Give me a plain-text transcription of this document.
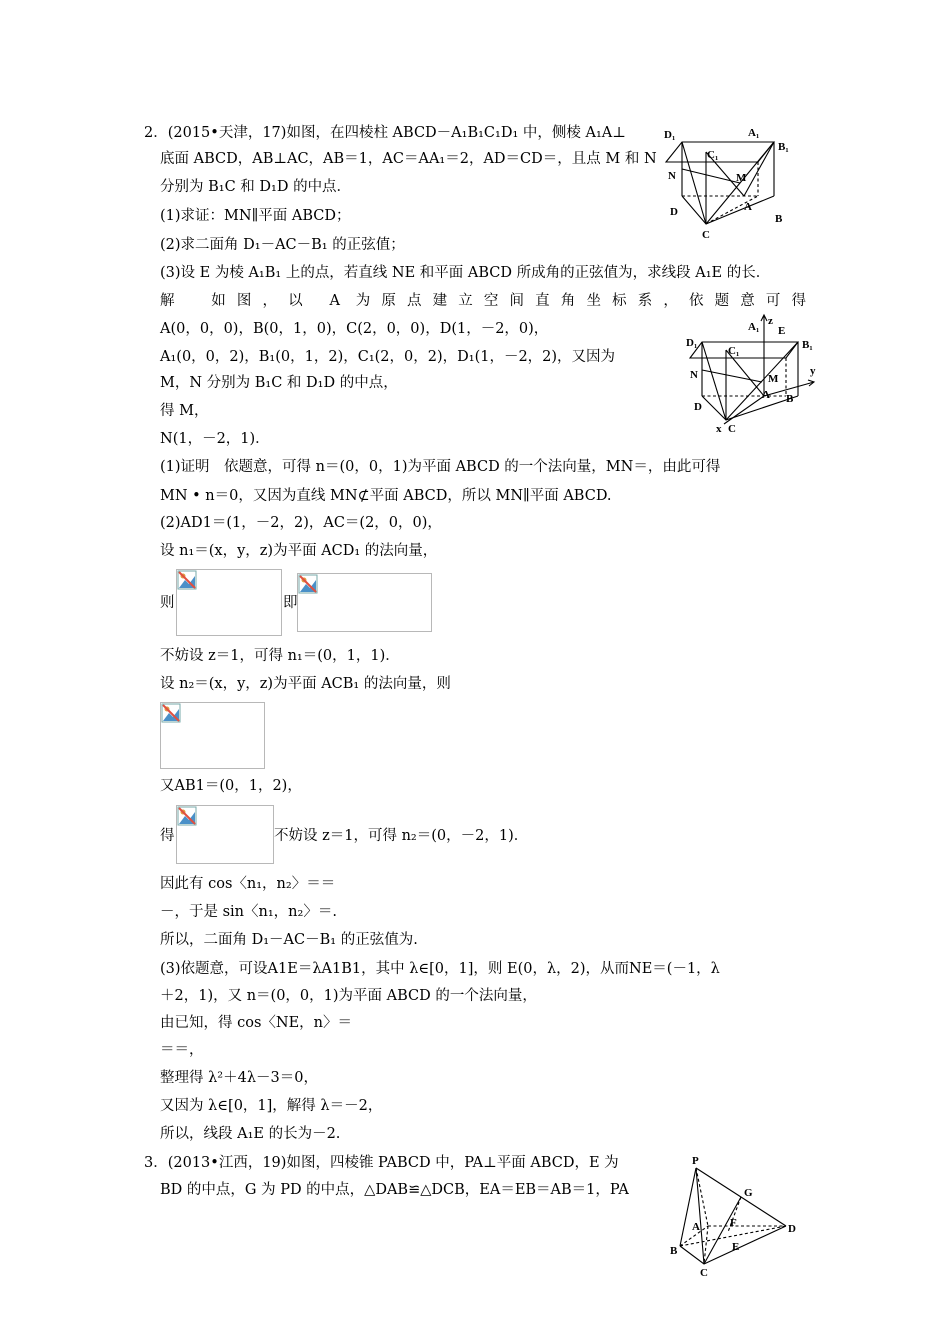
2．(2015•天津，17)如图，在四棱柱 ABCD－A₁B₁C₁D₁ 中，侧棱 A₁A⊥
底面 ABCD，AB⊥AC，AB＝1，AC＝AA₁＝2，AD＝CD＝，且点 M 和 N
分别为 B₁C 和 D₁D 的中点．
(1)求证：MN∥平面 ABCD；
(2)求二面角 D₁－AC－B₁ 的正弦值；
(3)设 E 为棱 A₁B₁ 上的点，若直线 NE 和平面 ABCD 所成角的正弦值为，求线段 A₁E 的长．
D₁	A₁
B₁
C₁
N	M
D	A
B
C
解　如图，以 A 为原点建立空间直角坐标系，依题意可得
A(0，0，0)，B(0，1，0)，C(2，0，0)，D(1，－2，0)，
A₁(0，0，2)，B₁(0，1，2)，C₁(2，0，2)，D₁(1，－2，2)，又因为
M，N 分别为 B₁C 和 D₁D 的中点，
得 M，
N(1，－2，1)．
D₁
A₁ z
E
B₁
C₁
N	M
y
A B
D
x C
(1)证明　依题意，可得 n＝(0，0，1)为平面 ABCD 的一个法向量，MN＝，由此可得
MN • n＝0，又因为直线 MN⊄平面 ABCD，所以 MN∥平面 ABCD.
(2)AD1＝(1，－2，2)，AC＝(2，0，0)，
设 n₁＝(x，y，z)为平面 ACD₁ 的法向量，
则	即
不妨设 z＝1，可得 n₁＝(0，1，1)．
设 n₂＝(x，y，z)为平面 ACB₁ 的法向量，则
又AB1＝(0，1，2)，
得	不妨设 z＝1，可得 n₂＝(0，－2，1)．
因此有 cos〈n₁，n₂〉＝＝
－，于是 sin〈n₁，n₂〉＝.
所以，二面角 D₁－AC－B₁ 的正弦值为.
(3)依题意，可设A1E＝λA1B1，其中 λ∈[0，1]，则 E(0，λ，2)，从而NE＝(－1，λ
＋2，1)，又 n＝(0，0，1)为平面 ABCD 的一个法向量，
由已知，得 cos〈NE，n〉＝
＝＝，
整理得 λ²＋4λ－3＝0，
又因为 λ∈[0，1]，解得 λ＝－2，
所以，线段 A₁E 的长为－2.
3．(2013•江西，19)如图，四棱锥 PABCD 中，PA⊥平面 ABCD，E 为
BD 的中点，G 为 PD 的中点，△DAB≌△DCB，EA＝EB＝AB＝1，PA
P
G
A	F	D
B	E
C
